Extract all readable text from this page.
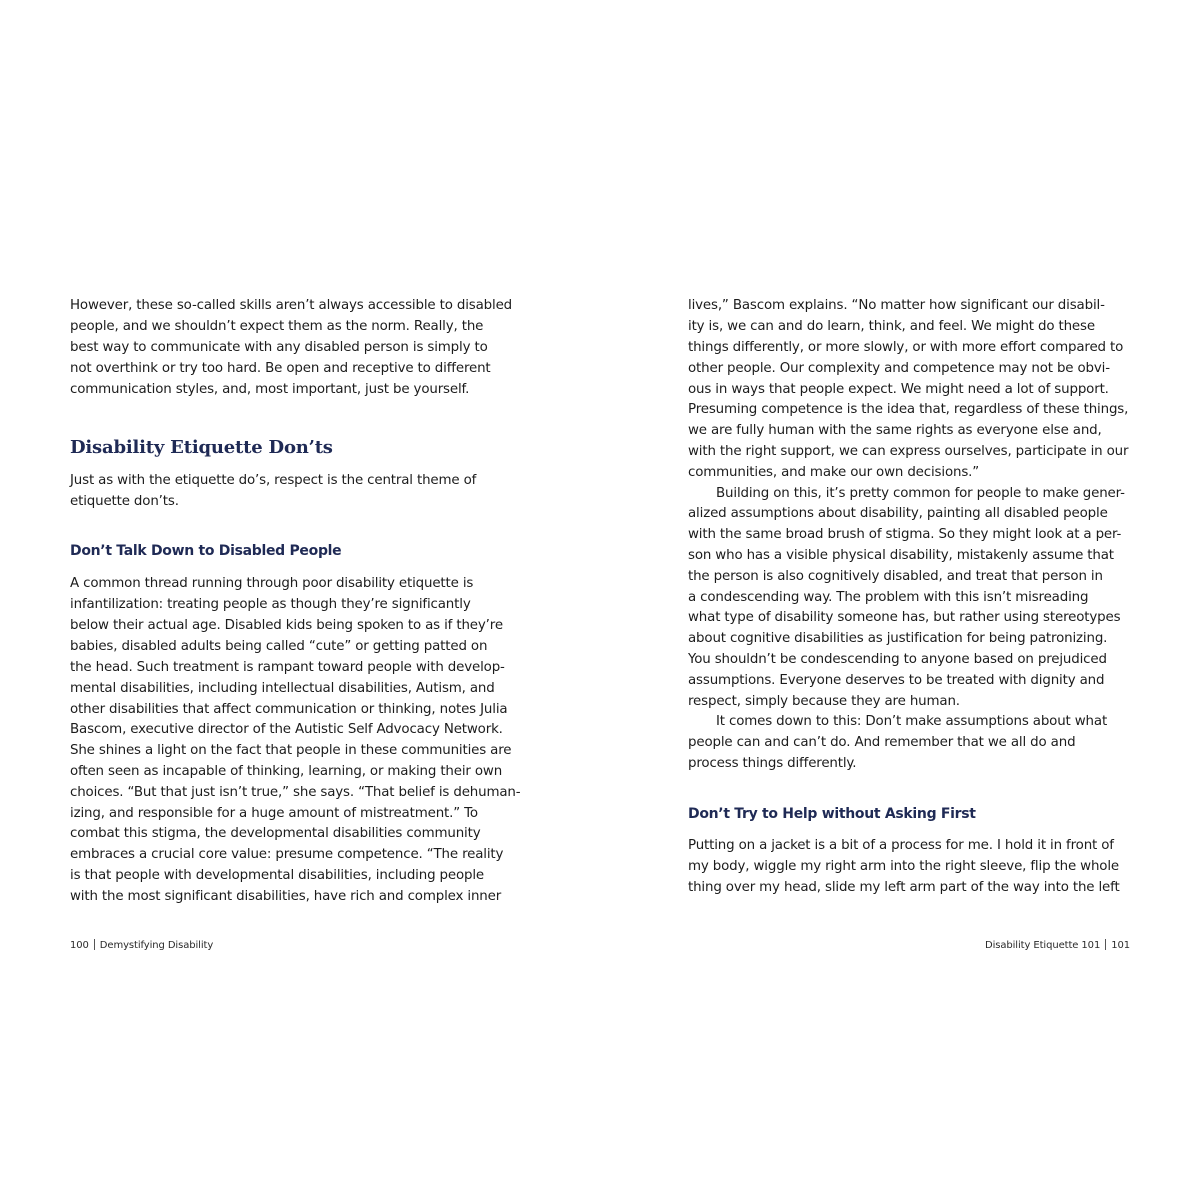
However, these so-called skills aren’t always accessible to disabled
people, and we shouldn’t expect them as the norm. Really, the
best way to communicate with any disabled person is simply to
not overthink or try too hard. Be open and receptive to different
communication styles, and, most important, just be yourself.
Disability Etiquette Don’ts
Just as with the etiquette do’s, respect is the central theme of
etiquette don’ts.
Don’t Talk Down to Disabled People
A common thread running through poor disability etiquette is
infantilization: treating people as though they’re significantly
below their actual age. Disabled kids being spoken to as if they’re
babies, disabled adults being called “cute” or getting patted on
the head. Such treatment is rampant toward people with develop-
mental disabilities, including intellectual disabilities, Autism, and
other disabilities that affect communication or thinking, notes Julia
Bascom, executive director of the Autistic Self Advocacy Network.
She shines a light on the fact that people in these communities are
often seen as incapable of thinking, learning, or making their own
choices. “But that just isn’t true,” she says. “That belief is dehuman-
izing, and responsible for a huge amount of mistreatment.” To
combat this stigma, the developmental disabilities community
embraces a crucial core value: presume competence. “The reality
is that people with developmental disabilities, including people
with the most significant disabilities, have rich and complex inner
100 Demystifying Disability
lives,” Bascom explains. “No matter how significant our disabil-
ity is, we can and do learn, think, and feel. We might do these
things differently, or more slowly, or with more effort compared to
other people. Our complexity and competence may not be obvi-
ous in ways that people expect. We might need a lot of support.
Presuming competence is the idea that, regardless of these things,
we are fully human with the same rights as everyone else and,
with the right support, we can express ourselves, participate in our
communities, and make our own decisions.”
Building on this, it’s pretty common for people to make gener-
alized assumptions about disability, painting all disabled people
with the same broad brush of stigma. So they might look at a per-
son who has a visible physical disability, mistakenly assume that
the person is also cognitively disabled, and treat that person in
a condescending way. The problem with this isn’t misreading
what type of disability someone has, but rather using stereotypes
about cognitive disabilities as justification for being patronizing.
You shouldn’t be condescending to anyone based on prejudiced
assumptions. Everyone deserves to be treated with dignity and
respect, simply because they are human.
It comes down to this: Don’t make assumptions about what
people can and can’t do. And remember that we all do and
process things differently.
Don’t Try to Help without Asking First
Putting on a jacket is a bit of a process for me. I hold it in front of
my body, wiggle my right arm into the right sleeve, flip the whole
thing over my head, slide my left arm part of the way into the left
Disability Etiquette 101 101
